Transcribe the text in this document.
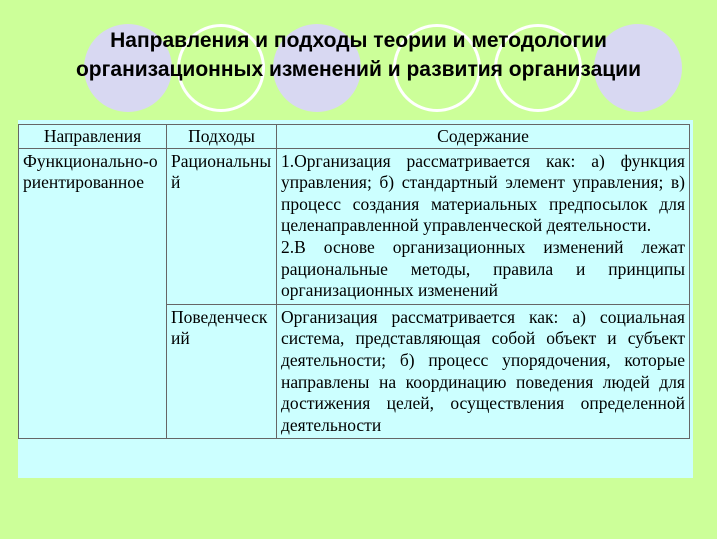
Направления и подходы теории и методологии
организационных изменений и развития организации
Направления	Подходы	Содержание
Функционально-ориентированное	Рациональный	1.Организация рассматривается как: а) функция управления; б) стандартный элемент управления; в) процесс создания материальных предпосылок для целенаправленной управленческой деятельности.
2.В основе организационных изменений лежат рациональные методы, правила и принципы организационных изменений

	Поведенческий	Организация рассматривается как: а) социальная система, представляющая собой объект и субъект деятельности; б) процесс упорядочения, которые направлены на координацию поведения людей для достижения целей, осуществления определенной деятельности
